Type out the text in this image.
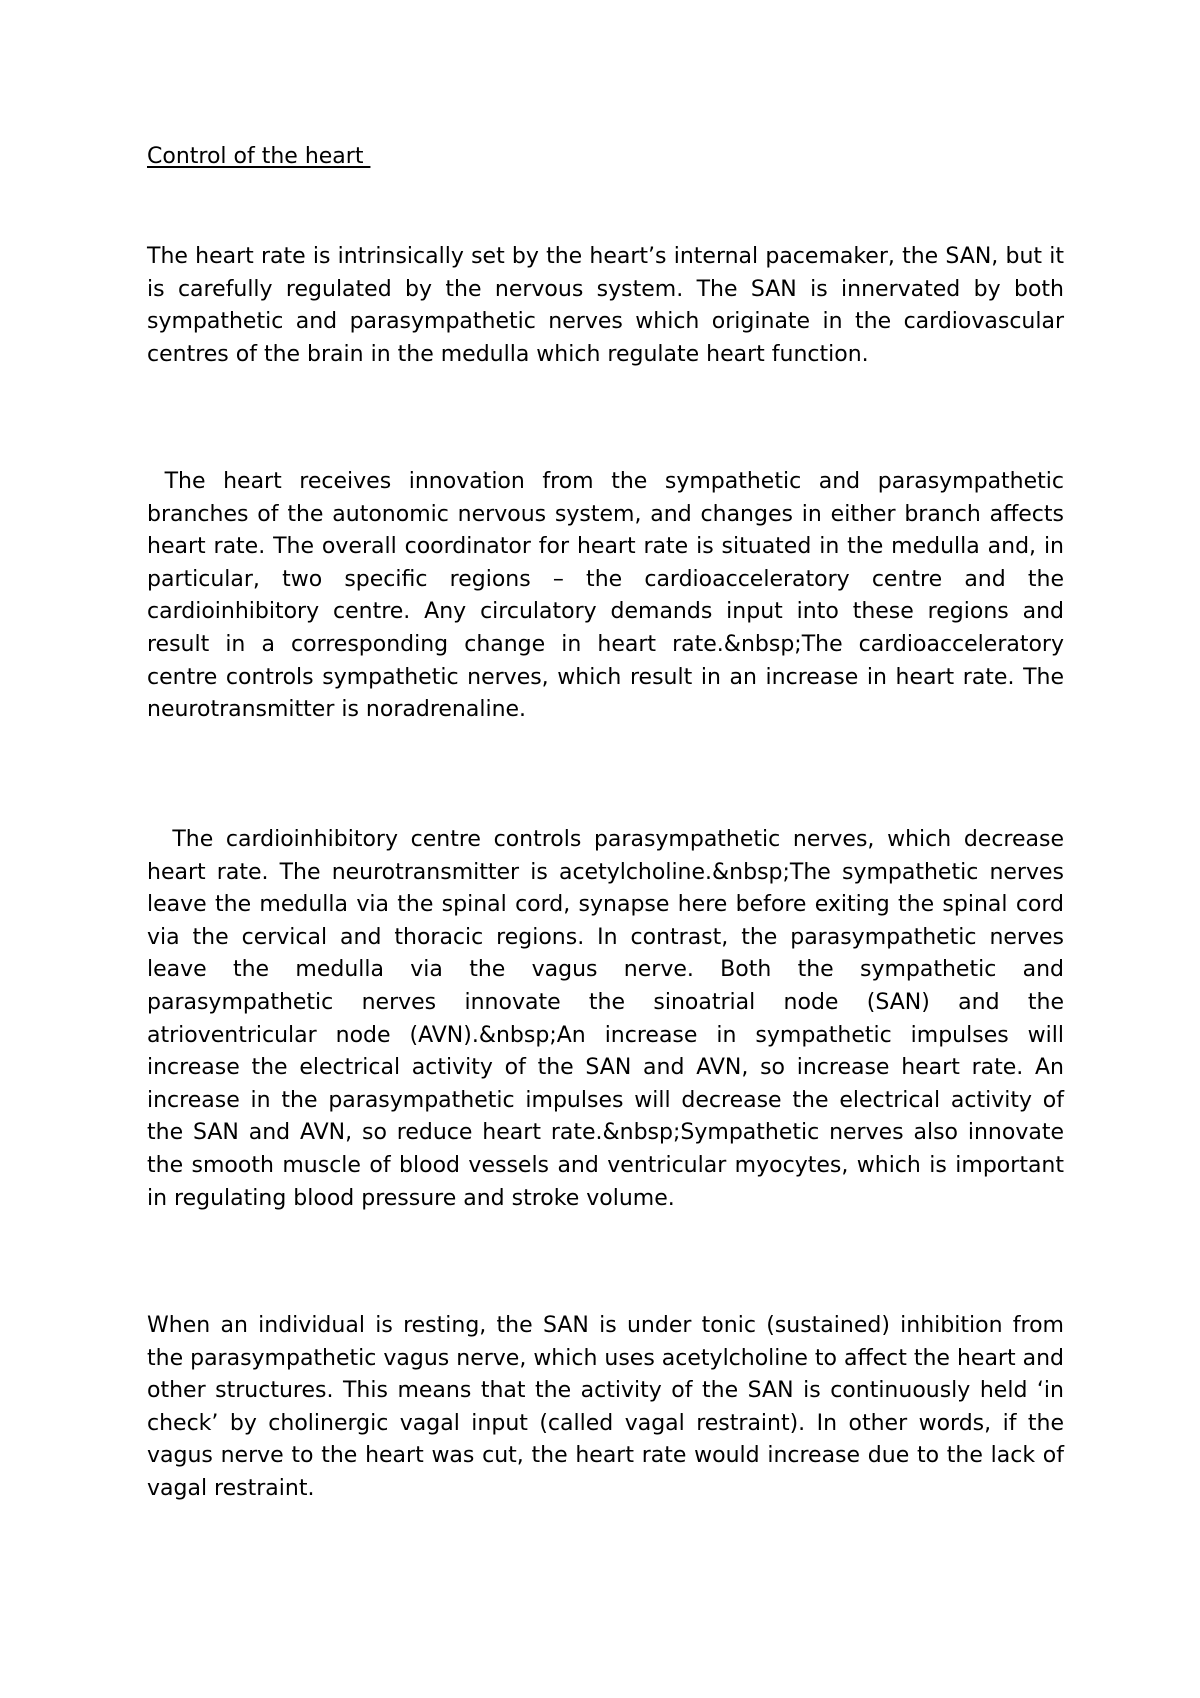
Control of the heart

The heart rate is intrinsically set by the heart’s internal pacemaker, the SAN, but it is carefully regulated by the nervous system. The SAN is innervated by both sympathetic and parasympathetic nerves which originate in the cardiovascular centres of the brain in the medulla which regulate heart function.

The heart receives innovation from the sympathetic and parasympathetic branches of the autonomic nervous system, and changes in either branch affects heart rate. The overall coordinator for heart rate is situated in the medulla and, in particular, two specific regions – the cardioacceleratory centre and the cardioinhibitory centre. Any circulatory demands input into these regions and result in a corresponding change in heart rate.&nbsp;The cardioacceleratory centre controls sympathetic nerves, which result in an increase in heart rate. The neurotransmitter is noradrenaline.

The cardioinhibitory centre controls parasympathetic nerves, which decrease heart rate. The neurotransmitter is acetylcholine.&nbsp;The sympathetic nerves leave the medulla via the spinal cord, synapse here before exiting the spinal cord via the cervical and thoracic regions. In contrast, the parasympathetic nerves leave the medulla via the vagus nerve. Both the sympathetic and parasympathetic nerves innovate the sinoatrial node (SAN) and the atrioventricular node (AVN).&nbsp;An increase in sympathetic impulses will increase the electrical activity of the SAN and AVN, so increase heart rate. An increase in the parasympathetic impulses will decrease the electrical activity of the SAN and AVN, so reduce heart rate.&nbsp;Sympathetic nerves also innovate the smooth muscle of blood vessels and ventricular myocytes, which is important in regulating blood pressure and stroke volume.

When an individual is resting, the SAN is under tonic (sustained) inhibition from the parasympathetic vagus nerve, which uses acetylcholine to affect the heart and other structures. This means that the activity of the SAN is continuously held ‘in check’ by cholinergic vagal input (called vagal restraint). In other words, if the vagus nerve to the heart was cut, the heart rate would increase due to the lack of vagal restraint.
